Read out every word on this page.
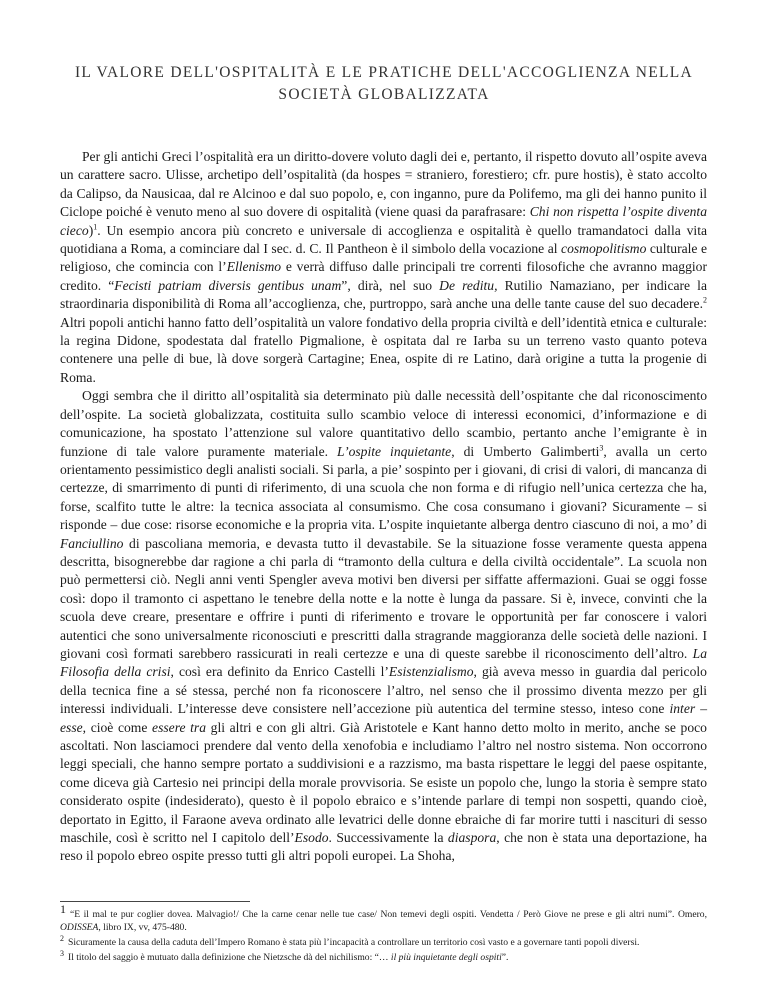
IL VALORE DELL'OSPITALITÀ E LE PRATICHE DELL'ACCOGLIENZA NELLA SOCIETÀ GLOBALIZZATA

Per gli antichi Greci l’ospitalità era un diritto-dovere voluto dagli dei e, pertanto, il rispetto dovuto all’ospite aveva un carattere sacro. Ulisse, archetipo dell’ospitalità (da hospes = straniero, forestiero; cfr. pure hostis), è stato accolto da Calipso, da Nausicaa, dal re Alcinoo e dal suo popolo, e, con inganno, pure da Polifemo, ma gli dei hanno punito il Ciclope poiché è venuto meno al suo dovere di ospitalità (viene quasi da parafrasare: Chi non rispetta l’ospite diventa cieco)$^1$. Un esempio ancora più concreto e universale di accoglienza e ospitalità è quello tramandatoci dalla vita quotidiana a Roma, a cominciare dal I sec. d. C. Il Pantheon è il simbolo della vocazione al cosmopolitismo culturale e religioso, che comincia con l’Ellenismo e verrà diffuso dalle principali tre correnti filosofiche che avranno maggior credito. “Fecisti patriam diversis gentibus unam”, dirà, nel suo De reditu, Rutilio Namaziano, per indicare la straordinaria disponibilità di Roma all’accoglienza, che, purtroppo, sarà anche una delle tante cause del suo decadere.$^2$ Altri popoli antichi hanno fatto dell’ospitalità un valore fondativo della propria civiltà e dell’identità etnica e culturale: la regina Didone, spodestata dal fratello Pigmalione, è ospitata dal re Iarba su un terreno vasto quanto poteva contenere una pelle di bue, là dove sorgerà Cartagine; Enea, ospite di re Latino, darà origine a tutta la progenie di Roma.

Oggi sembra che il diritto all’ospitalità sia determinato più dalle necessità dell’ospitante che dal riconoscimento dell’ospite. La società globalizzata, costituita sullo scambio veloce di interessi economici, d’informazione e di comunicazione, ha spostato l’attenzione sul valore quantitativo dello scambio, pertanto anche l’emigrante è in funzione di tale valore puramente materiale. L’ospite inquietante, di Umberto Galimberti$^3$, avalla un certo orientamento pessimistico degli analisti sociali. Si parla, a pie’ sospinto per i giovani, di crisi di valori, di mancanza di certezze, di smarrimento di punti di riferimento, di una scuola che non forma e di rifugio nell’unica certezza che ha, forse, scalfito tutte le altre: la tecnica associata al consumismo. Che cosa consumano i giovani? Sicuramente – si risponde – due cose: risorse economiche e la propria vita. L’ospite inquietante alberga dentro ciascuno di noi, a mo’ di Fanciullino di pascoliana memoria, e devasta tutto il devastabile. Se la situazione fosse veramente questa appena descritta, bisognerebbe dar ragione a chi parla di “tramonto della cultura e della civiltà occidentale”. La scuola non può permettersi ciò. Negli anni venti Spengler aveva motivi ben diversi per siffatte affermazioni. Guai se oggi fosse così: dopo il tramonto ci aspettano le tenebre della notte e la notte è lunga da passare. Si è, invece, convinti che la scuola deve creare, presentare e offrire i punti di riferimento e trovare le opportunità per far conoscere i valori autentici che sono universalmente riconosciuti e prescritti dalla stragrande maggioranza delle società delle nazioni. I giovani così formati sarebbero rassicurati in reali certezze e una di queste sarebbe il riconoscimento dell’altro. La Filosofia della crisi, così era definito da Enrico Castelli l’Esistenzialismo, già aveva messo in guardia dal pericolo della tecnica fine a sé stessa, perché non fa riconoscere l’altro, nel senso che il prossimo diventa mezzo per gli interessi individuali. L’interesse deve consistere nell’accezione più autentica del termine stesso, inteso cone inter – esse, cioè come essere tra gli altri e con gli altri. Già Aristotele e Kant hanno detto molto in merito, anche se poco ascoltati. Non lasciamoci prendere dal vento della xenofobia e includiamo l’altro nel nostro sistema. Non occorrono leggi speciali, che hanno sempre portato a suddivisioni e a razzismo, ma basta rispettare le leggi del paese ospitante, come diceva già Cartesio nei principi della morale provvisoria. Se esiste un popolo che, lungo la storia è sempre stato considerato ospite (indesiderato), questo è il popolo ebraico e s’intende parlare di tempi non sospetti, quando cioè, deportato in Egitto, il Faraone aveva ordinato alle levatrici delle donne ebraiche di far morire tutti i nascituri di sesso maschile, così è scritto nel I capitolo dell’Esodo. Successivamente la diaspora, che non è stata una deportazione, ha reso il popolo ebreo ospite presso tutti gli altri popoli europei. La Shoha,

1 “E il mal te pur coglier dovea. Malvagio!/ Che la carne cenar nelle tue case/ Non temevi degli ospiti. Vendetta / Però Giove ne prese e gli altri numi”. Omero, ODISSEA, libro IX, vv, 475-480.
$^2$ Sicuramente la causa della caduta dell’Impero Romano è stata più l’incapacità a controllare un territorio così vasto e a governare tanti popoli diversi.
$^3$ Il titolo del saggio è mutuato dalla definizione che Nietzsche dà del nichilismo: “… il più inquietante degli ospiti”.
